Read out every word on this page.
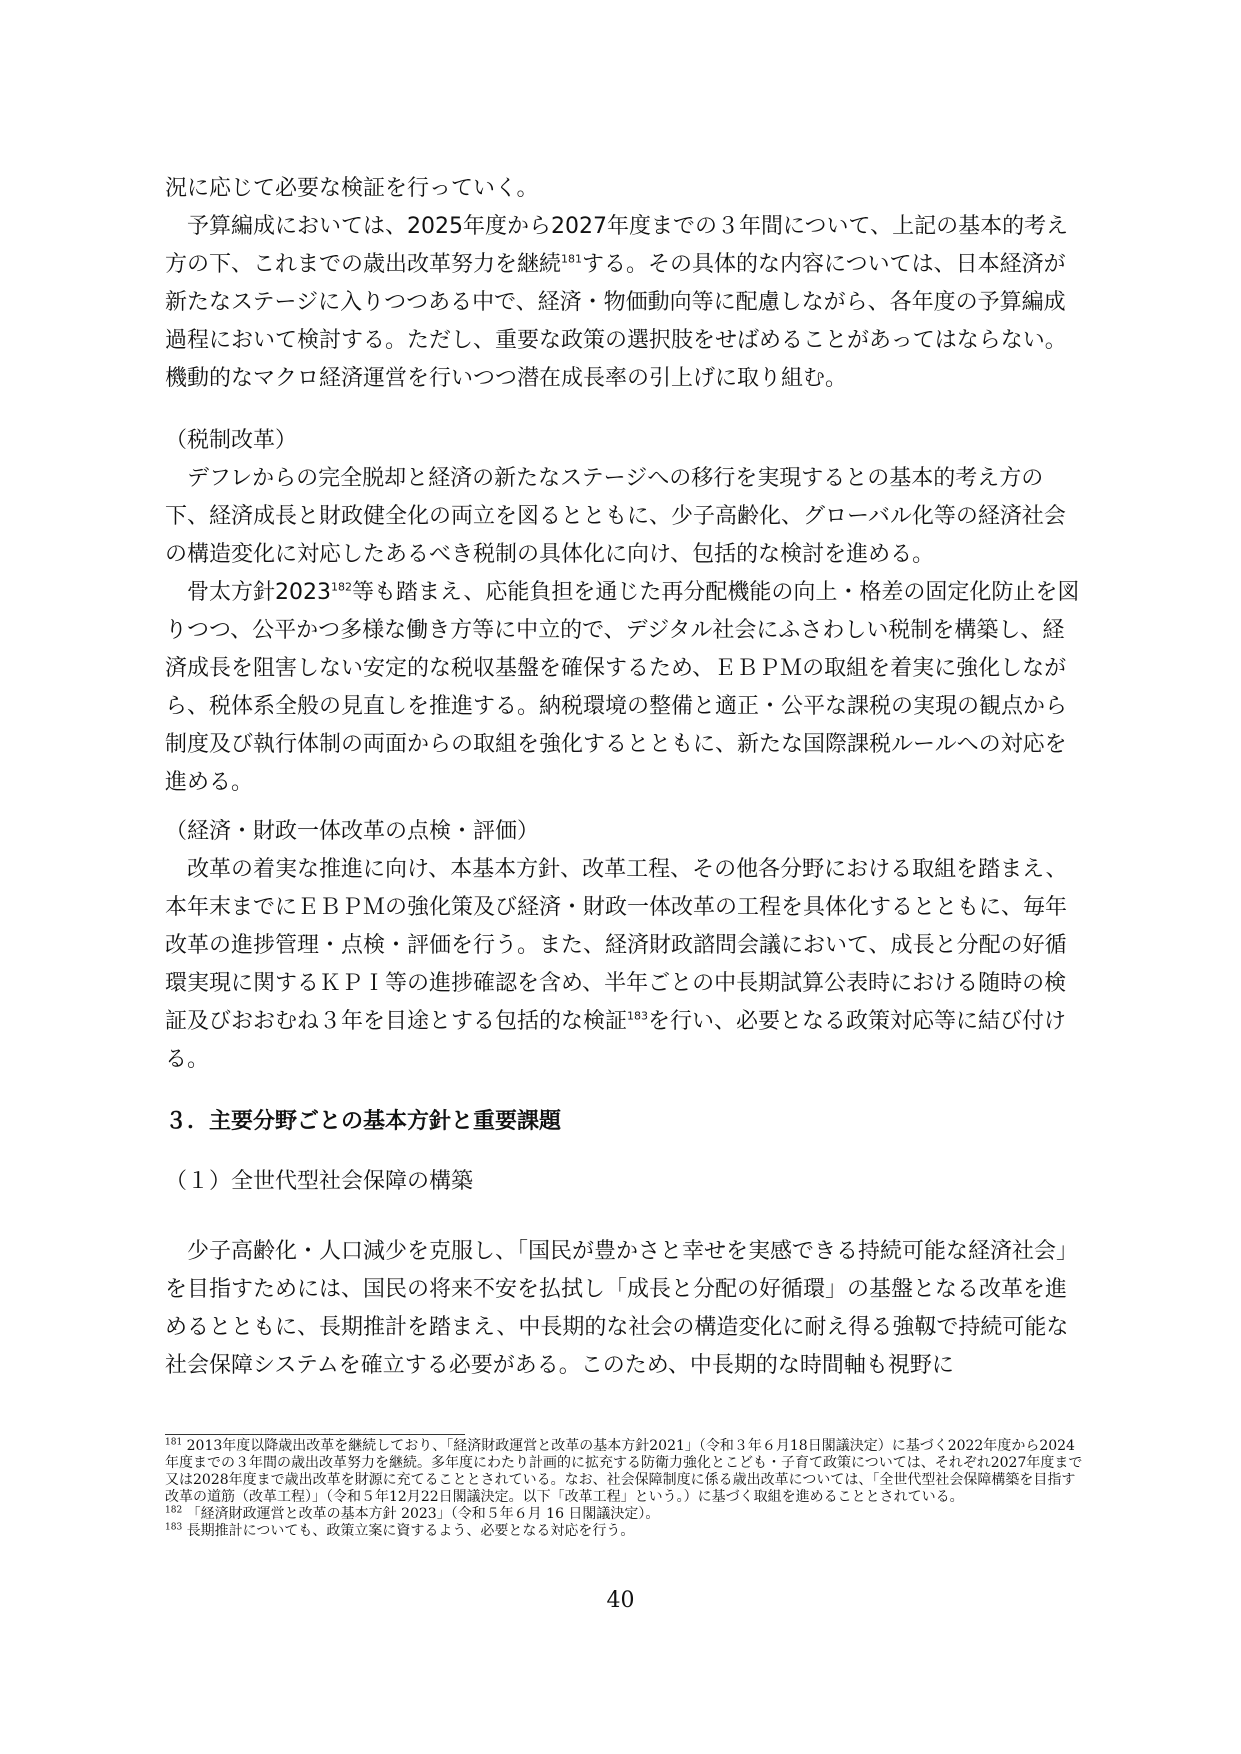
況に応じて必要な検証を行っていく。

予算編成においては、2025年度から2027年度までの３年間について、上記の基本的考え方の下、これまでの歳出改革努力を継続$^{181}$する。その具体的な内容については、日本経済が新たなステージに入りつつある中で、経済・物価動向等に配慮しながら、各年度の予算編成過程において検討する。ただし、重要な政策の選択肢をせばめることがあってはならない。機動的なマクロ経済運営を行いつつ潜在成長率の引上げに取り組む。

（税制改革）

デフレからの完全脱却と経済の新たなステージへの移行を実現するとの基本的考え方の下、経済成長と財政健全化の両立を図るとともに、少子高齢化、グローバル化等の経済社会の構造変化に対応したあるべき税制の具体化に向け、包括的な検討を進める。

骨太方針2023$^{182}$等も踏まえ、応能負担を通じた再分配機能の向上・格差の固定化防止を図りつつ、公平かつ多様な働き方等に中立的で、デジタル社会にふさわしい税制を構築し、経済成長を阻害しない安定的な税収基盤を確保するため、ＥＢＰＭの取組を着実に強化しながら、税体系全般の見直しを推進する。納税環境の整備と適正・公平な課税の実現の観点から制度及び執行体制の両面からの取組を強化するとともに、新たな国際課税ルールへの対応を進める。

（経済・財政一体改革の点検・評価）

改革の着実な推進に向け、本基本方針、改革工程、その他各分野における取組を踏まえ、本年末までにＥＢＰＭの強化策及び経済・財政一体改革の工程を具体化するとともに、毎年改革の進捗管理・点検・評価を行う。また、経済財政諮問会議において、成長と分配の好循環実現に関するＫＰＩ等の進捗確認を含め、半年ごとの中長期試算公表時における随時の検証及びおおむね３年を目途とする包括的な検証$^{183}$を行い、必要となる政策対応等に結び付ける。

３．主要分野ごとの基本方針と重要課題
（１）全世代型社会保障の構築

少子高齢化・人口減少を克服し、「国民が豊かさと幸せを実感できる持続可能な経済社会」を目指すためには、国民の将来不安を払拭し「成長と分配の好循環」の基盤となる改革を進めるとともに、長期推計を踏まえ、中長期的な社会の構造変化に耐え得る強靱で持続可能な社会保障システムを確立する必要がある。このため、中長期的な時間軸も視野に

$^{181}$ 2013年度以降歳出改革を継続しており、「経済財政運営と改革の基本方針2021」（令和３年６月18日閣議決定）に基づく2022年度から2024年度までの３年間の歳出改革努力を継続。多年度にわたり計画的に拡充する防衛力強化とこども・子育て政策については、それぞれ2027年度まで又は2028年度まで歳出改革を財源に充てることとされている。なお、社会保障制度に係る歳出改革については、「全世代型社会保障構築を目指す改革の道筋（改革工程）」（令和５年12月22日閣議決定。以下「改革工程」という。）に基づく取組を進めることとされている。

$^{182}$ 「経済財政運営と改革の基本方針 2023」（令和５年６月 16 日閣議決定）。

$^{183}$ 長期推計についても、政策立案に資するよう、必要となる対応を行う。

40
